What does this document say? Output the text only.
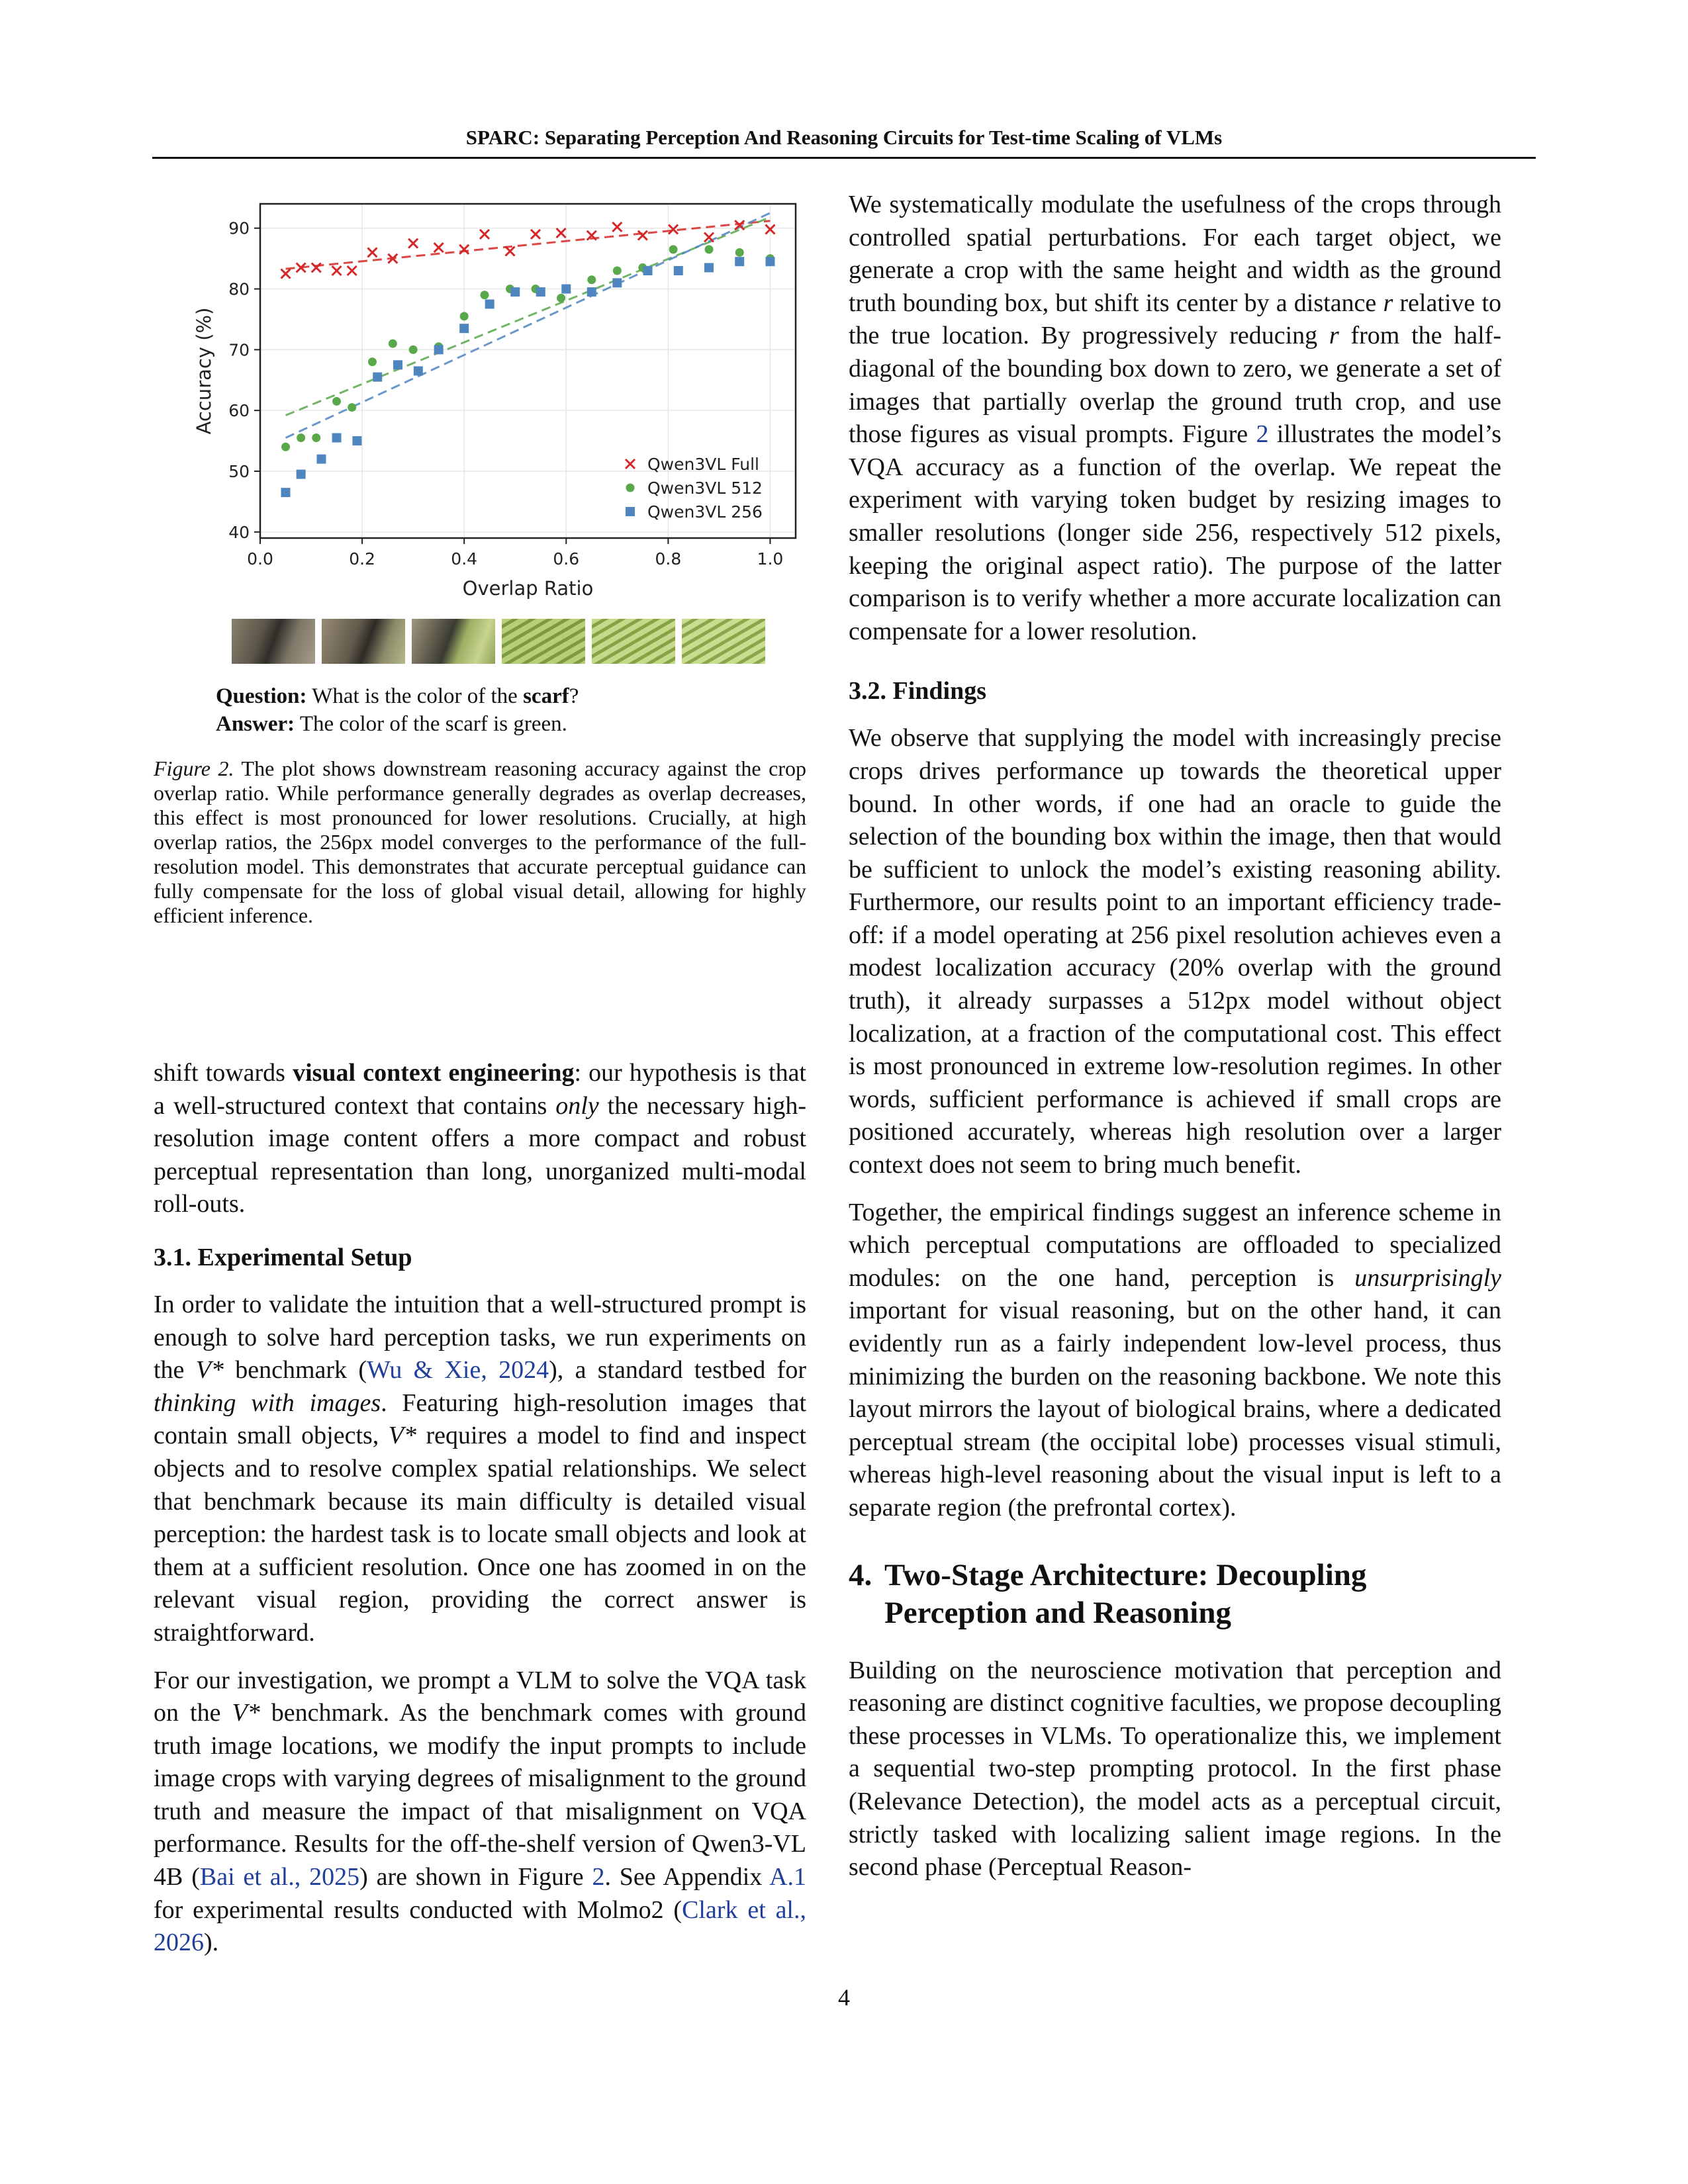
SPARC: Separating Perception And Reasoning Circuits for Test-time Scaling of VLMs
0.0	0.2	0.4	0.6	0.8	1.0
40
50
60
70
80
90
Overlap Ratio
Accuracy (%)
Qwen3VL Full
Qwen3VL 512
Qwen3VL 256
Question: What is the color of the scarf?
Answer: The color of the scarf is green.
Figure 2. The plot shows downstream reasoning accuracy against the crop overlap ratio. While performance generally degrades as overlap decreases, this effect is most pronounced for lower resolutions. Crucially, at high overlap ratios, the 256px model converges to the performance of the full-resolution model. This demonstrates that accurate perceptual guidance can fully compensate for the loss of global visual detail, allowing for highly efficient inference.

shift towards visual context engineering: our hypothesis is that a well-structured context that contains only the necessary high-resolution image content offers a more compact and robust perceptual representation than long, unorganized multi-modal roll-outs.

3.1. Experimental Setup

In order to validate the intuition that a well-structured prompt is enough to solve hard perception tasks, we run experiments on the V* benchmark (Wu & Xie, 2024), a standard testbed for thinking with images. Featuring high-resolution images that contain small objects, V* requires a model to find and inspect objects and to resolve complex spatial relationships. We select that benchmark because its main difficulty is detailed visual perception: the hardest task is to locate small objects and look at them at a sufficient resolution. Once one has zoomed in on the relevant visual region, providing the correct answer is straightforward.

For our investigation, we prompt a VLM to solve the VQA task on the V* benchmark. As the benchmark comes with ground truth image locations, we modify the input prompts to include image crops with varying degrees of misalignment to the ground truth and measure the impact of that misalignment on VQA performance. Results for the off-the-shelf version of Qwen3-VL 4B (Bai et al., 2025) are shown in Figure 2. See Appendix A.1 for experimental results conducted with Molmo2 (Clark et al., 2026).

We systematically modulate the usefulness of the crops through controlled spatial perturbations. For each target object, we generate a crop with the same height and width as the ground truth bounding box, but shift its center by a distance r relative to the true location. By progressively reducing r from the half-diagonal of the bounding box down to zero, we generate a set of images that partially overlap the ground truth crop, and use those figures as visual prompts. Figure 2 illustrates the model’s VQA accuracy as a function of the overlap. We repeat the experiment with varying token budget by resizing images to smaller resolutions (longer side 256, respectively 512 pixels, keeping the original aspect ratio). The purpose of the latter comparison is to verify whether a more accurate localization can compensate for a lower resolution.

3.2. Findings

We observe that supplying the model with increasingly precise crops drives performance up towards the theoretical upper bound. In other words, if one had an oracle to guide the selection of the bounding box within the image, then that would be sufficient to unlock the model’s existing reasoning ability. Furthermore, our results point to an important efficiency trade-off: if a model operating at 256 pixel resolution achieves even a modest localization accuracy (20% overlap with the ground truth), it already surpasses a 512px model without object localization, at a fraction of the computational cost. This effect is most pronounced in extreme low-resolution regimes. In other words, sufficient performance is achieved if small crops are positioned accurately, whereas high resolution over a larger context does not seem to bring much benefit.

Together, the empirical findings suggest an inference scheme in which perceptual computations are offloaded to specialized modules: on the one hand, perception is unsurprisingly important for visual reasoning, but on the other hand, it can evidently run as a fairly independent low-level process, thus minimizing the burden on the reasoning backbone. We note this layout mirrors the layout of biological brains, where a dedicated perceptual stream (the occipital lobe) processes visual stimuli, whereas high-level reasoning about the visual input is left to a separate region (the prefrontal cortex).

4. Two-Stage Architecture: Decoupling
Perception and Reasoning

Building on the neuroscience motivation that perception and reasoning are distinct cognitive faculties, we propose decoupling these processes in VLMs. To operationalize this, we implement a sequential two-step prompting protocol. In the first phase (Relevance Detection), the model acts as a perceptual circuit, strictly tasked with localizing salient image regions. In the second phase (Perceptual Reason-

4
